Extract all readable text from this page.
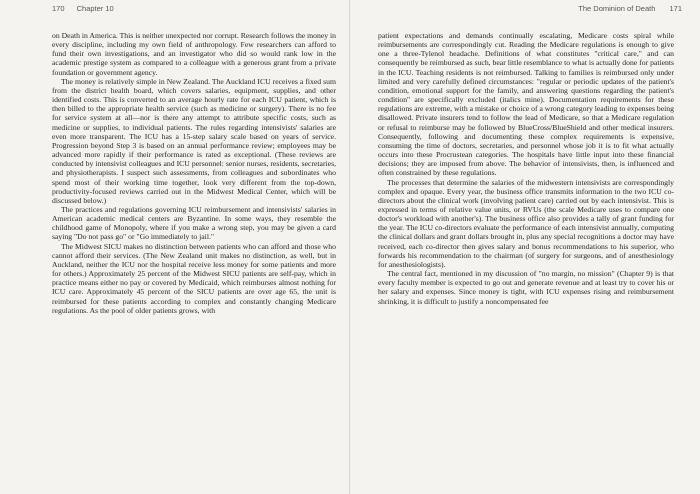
170 Chapter 10

on Death in America. This is neither unexpected nor corrupt. Research follows the money in every discipline, including my own field of anthropology. Few researchers can afford to fund their own investigations, and an investigator who did so would rank low in the academic prestige system as compared to a colleague with a generous grant from a private foundation or government agency.

The money is relatively simple in New Zealand. The Auckland ICU receives a fixed sum from the district health board, which covers salaries, equipment, supplies, and other identified costs. This is converted to an average hourly rate for each ICU patient, which is then billed to the appropriate health service (such as medicine or surgery). There is no fee for service system at all—nor is there any attempt to attribute specific costs, such as medicine or supplies, to individual patients. The rules regarding intensivists' salaries are even more transparent. The ICU has a 15-step salary scale based on years of service. Progression beyond Step 3 is based on an annual performance review; employees may be advanced more rapidly if their performance is rated as exceptional. (These reviews are conducted by intensivist colleagues and ICU personnel: senior nurses, residents, secretaries, and physiotherapists. I suspect such assessments, from colleagues and subordinates who spend most of their working time together, look very different from the top-down, productivity-focused reviews carried out in the Midwest Medical Center, which will be discussed below.)

The practices and regulations governing ICU reimbursement and intensivists' salaries in American academic medical centers are Byzantine. In some ways, they resemble the childhood game of Monopoly, where if you make a wrong step, you may be given a card saying "Do not pass go" or "Go immediately to jail."

The Midwest SICU makes no distinction between patients who can afford and those who cannot afford their services. (The New Zealand unit makes no distinction, as well, but in Auckland, neither the ICU nor the hospital receive less money for some patients and more for others.) Approximately 25 percent of the Midwest SICU patients are self-pay, which in practice means either no pay or covered by Medicaid, which reimburses almost nothing for ICU care. Approximately 45 percent of the SICU patients are over age 65, the unit is reimbursed for these patients according to complex and constantly changing Medicare regulations. As the pool of older patients grows, with

The Dominion of Death 171

patient expectations and demands continually escalating, Medicare costs spiral while reimbursements are correspondingly cut. Reading the Medicare regulations is enough to give one a three-Tylenol headache. Definitions of what constitutes "critical care," and can consequently be reimbursed as such, bear little resemblance to what is actually done for patients in the ICU. Teaching residents is not reimbursed. Talking to families is reimbursed only under limited and very carefully defined circumstances: "regular or periodic updates of the patient's condition, emotional support for the family, and answering questions regarding the patient's condition" are specifically excluded (italics mine). Documentation requirements for these regulations are extreme, with a mistake or choice of a wrong category leading to expenses being disallowed. Private insurers tend to follow the lead of Medicare, so that a Medicare regulation or refusal to reimburse may be followed by BlueCross/BlueShield and other medical insurers. Consequently, following and documenting these complex requirements is expensive, consuming the time of doctors, secretaries, and personnel whose job it is to fit what actually occurs into these Procrustean categories. The hospitals have little input into these financial decisions; they are imposed from above. The behavior of intensivists, then, is influenced and often constrained by these regulations.

The processes that determine the salaries of the midwestern intensivists are correspondingly complex and opaque. Every year, the business office transmits information to the two ICU co-directors about the clinical work (involving patient care) carried out by each intensivist. This is expressed in terms of relative value units, or RVUs (the scale Medicare uses to compare one doctor's workload with another's). The business office also provides a tally of grant funding for the year. The ICU co-directors evaluate the performance of each intensivist annually, computing the clinical dollars and grant dollars brought in, plus any special recognitions a doctor may have received, each co-director then gives salary and bonus recommendations to his superior, who forwards his recommendation to the chairman (of surgery for surgeons, and of anesthesiology for anesthesiologists).

The central fact, mentioned in my discussion of "no margin, no mission" (Chapter 9) is that every faculty member is expected to go out and generate revenue and at least try to cover his or her salary and expenses. Since money is tight, with ICU expenses rising and reimbursement shrinking, it is difficult to justify a noncompensated fee
